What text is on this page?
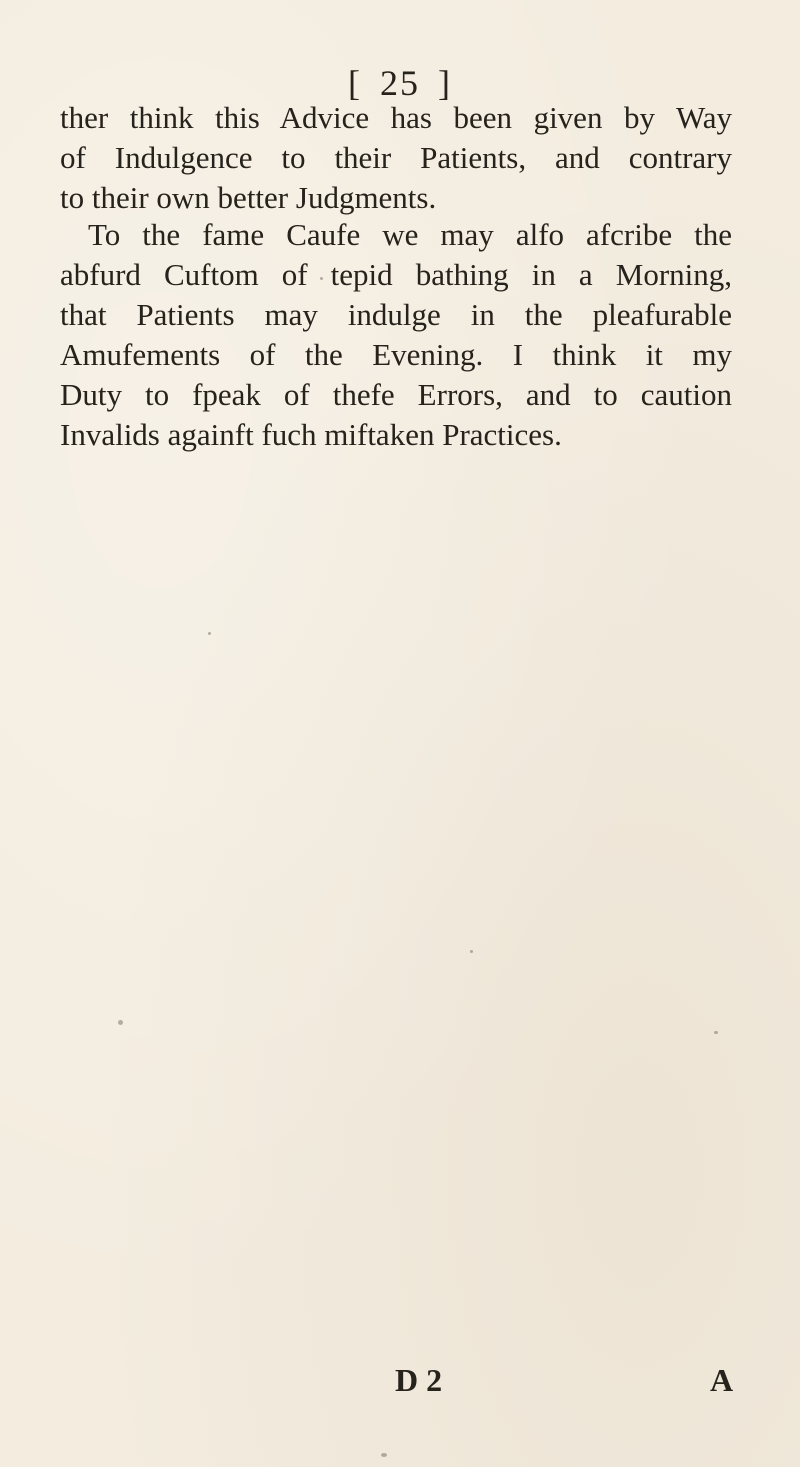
[ 25 ]
ther think this Advice has been given by Way
of Indulgence to their Patients, and contrary
to their own better Judgments.
To the fame Caufe we may alfo afcribe the
abfurd Cuftom of tepid bathing in a Morning,
that Patients may indulge in the pleafurable
Amufements of the Evening. I think it my
Duty to fpeak of thefe Errors, and to caution
Invalids againft fuch miftaken Practices.
D 2	A
